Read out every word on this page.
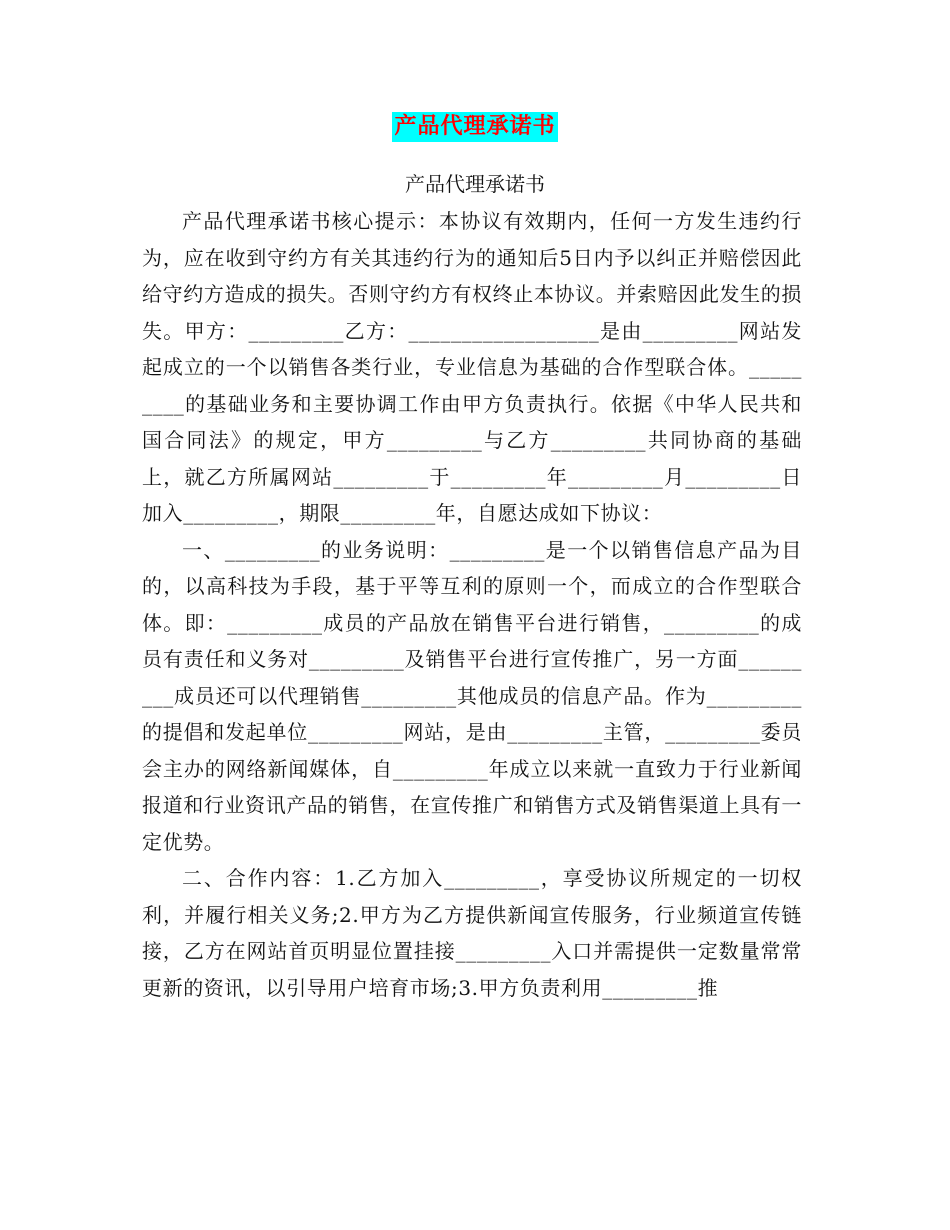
产品代理承诺书
产品代理承诺书

产品代理承诺书核心提示：本协议有效期内，任何一方发生违约行为，应在收到守约方有关其违约行为的通知后5日内予以纠正并赔偿因此给守约方造成的损失。否则守约方有权终止本协议。并索赔因此发生的损失。甲方：_________乙方：__________________是由_________网站发起成立的一个以销售各类行业，专业信息为基础的合作型联合体。_________的基础业务和主要协调工作由甲方负责执行。依据《中华人民共和国合同法》的规定，甲方_________与乙方_________共同协商的基础上，就乙方所属网站_________于_________年_________月_________日加入_________，期限_________年，自愿达成如下协议：

一、_________的业务说明：_________是一个以销售信息产品为目的，以高科技为手段，基于平等互利的原则一个，而成立的合作型联合体。即：_________成员的产品放在销售平台进行销售，_________的成员有责任和义务对_________及销售平台进行宣传推广，另一方面_________成员还可以代理销售_________其他成员的信息产品。作为_________的提倡和发起单位_________网站，是由_________主管，_________委员会主办的网络新闻媒体，自_________年成立以来就一直致力于行业新闻报道和行业资讯产品的销售，在宣传推广和销售方式及销售渠道上具有一定优势。

二、合作内容：1.乙方加入_________，享受协议所规定的一切权利，并履行相关义务;2.甲方为乙方提供新闻宣传服务，行业频道宣传链接，乙方在网站首页明显位置挂接_________入口并需提供一定数量常常更新的资讯，以引导用户培育市场;3.甲方负责利用_________推
